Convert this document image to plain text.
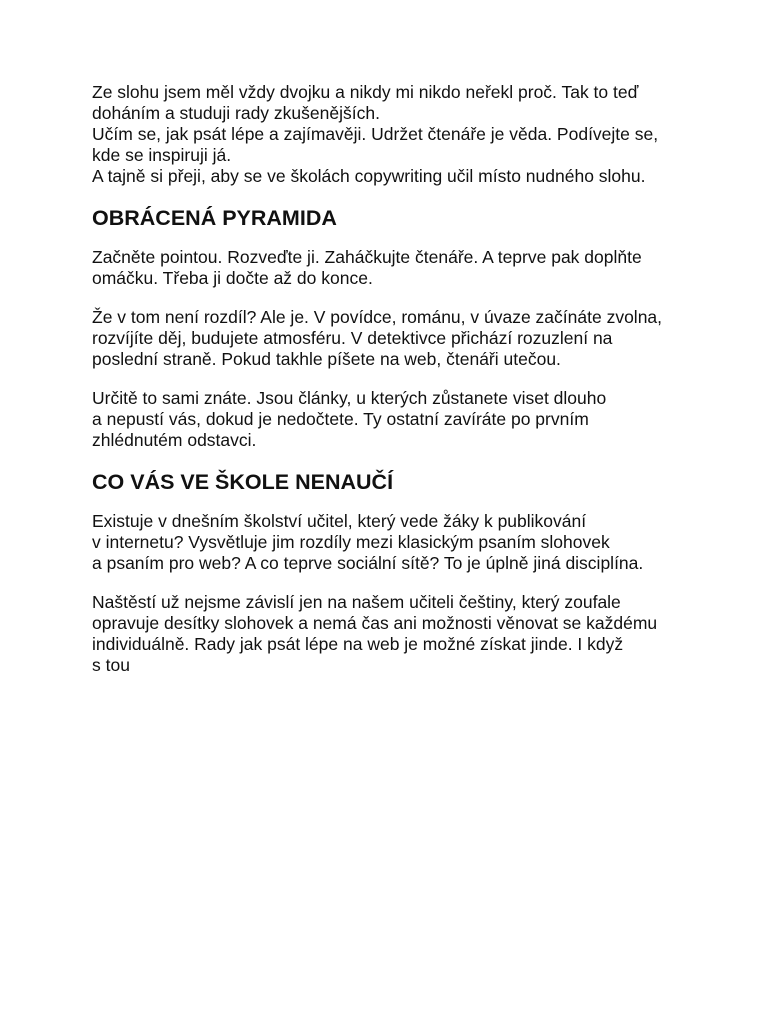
Ze slohu jsem měl vždy dvojku a nikdy mi nikdo neřekl proč. Tak to teď
doháním a studuji rady zkušenějších.
Učím se, jak psát lépe a zajímavěji. Udržet čtenáře je věda. Podívejte se,
kde se inspiruji já.
A tajně si přeji, aby se ve školách copywriting učil místo nudného slohu.
OBRÁCENÁ PYRAMIDA
Začněte pointou. Rozveďte ji. Zaháčkujte čtenáře. A teprve pak doplňte
omáčku. Třeba ji dočte až do konce.
Že v tom není rozdíl? Ale je. V povídce, románu, v úvaze začínáte zvolna,
rozvíjíte děj, budujete atmosféru. V detektivce přichází rozuzlení na
poslední straně. Pokud takhle píšete na web, čtenáři utečou.
Určitě to sami znáte. Jsou články, u kterých zůstanete viset dlouho
a nepustí vás, dokud je nedočtete. Ty ostatní zavíráte po prvním
zhlédnutém odstavci.
CO VÁS VE ŠKOLE NENAUČÍ
Existuje v dnešním školství učitel, který vede žáky k publikování
v internetu? Vysvětluje jim rozdíly mezi klasickým psaním slohovek
a psaním pro web? A co teprve sociální sítě? To je úplně jiná disciplína.
Naštěstí už nejsme závislí jen na našem učiteli češtiny, který zoufale
opravuje desítky slohovek a nemá čas ani možnosti věnovat se každému
individuálně. Rady jak psát lépe na web je možné získat jinde. I když
s tou
